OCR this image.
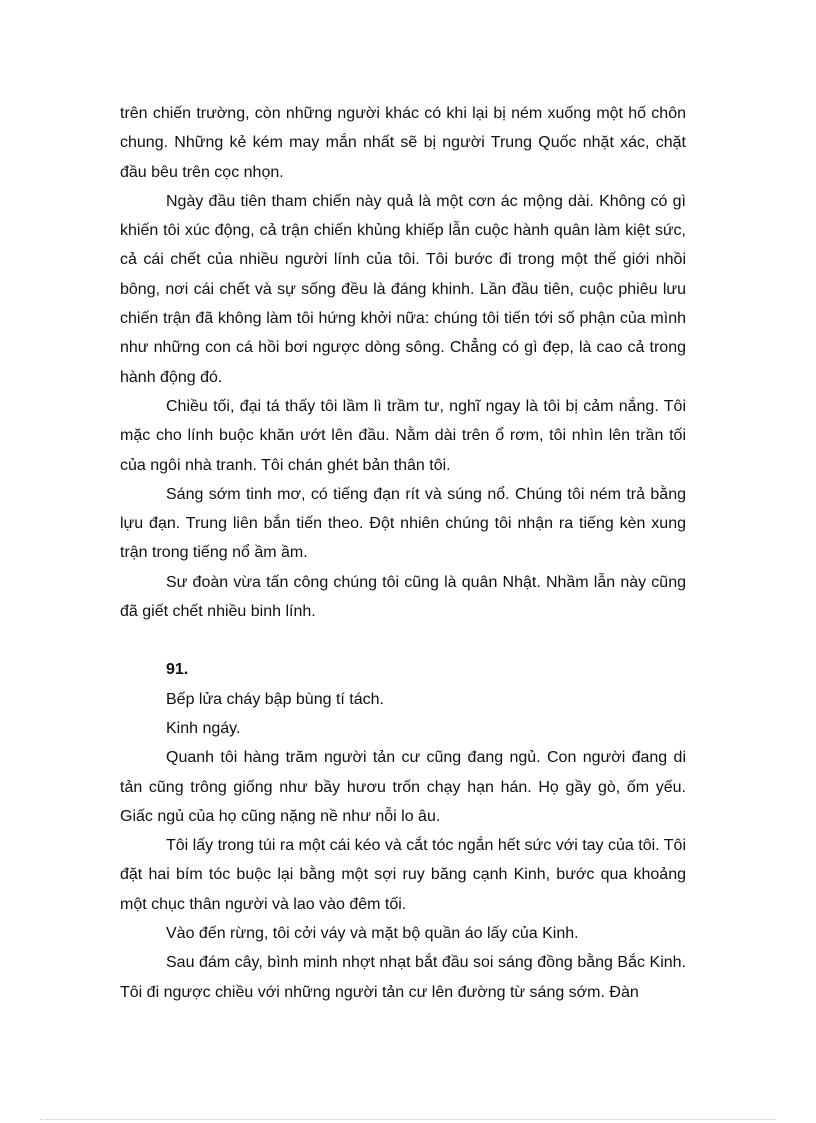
trên chiến trường, còn những người khác có khi lại bị ném xuống một hố chôn chung. Những kẻ kém may mắn nhất sẽ bị người Trung Quốc nhặt xác, chặt đầu bêu trên cọc nhọn.

Ngày đầu tiên tham chiến này quả là một cơn ác mộng dài. Không có gì khiến tôi xúc động, cả trận chiến khủng khiếp lẫn cuộc hành quân làm kiệt sức, cả cái chết của nhiều người lính của tôi. Tôi bước đi trong một thế giới nhồi bông, nơi cái chết và sự sống đều là đáng khinh. Lần đầu tiên, cuộc phiêu lưu chiến trận đã không làm tôi hứng khởi nữa: chúng tôi tiến tới số phận của mình như những con cá hồi bơi ngược dòng sông. Chẳng có gì đẹp, là cao cả trong hành động đó.

Chiều tối, đại tá thấy tôi lầm lì trầm tư, nghĩ ngay là tôi bị cảm nắng. Tôi mặc cho lính buộc khăn ướt lên đầu. Nằm dài trên ổ rơm, tôi nhìn lên trần tối của ngôi nhà tranh. Tôi chán ghét bản thân tôi.

Sáng sớm tinh mơ, có tiếng đạn rít và súng nổ. Chúng tôi ném trả bằng lựu đạn. Trung liên bắn tiến theo. Đột nhiên chúng tôi nhận ra tiếng kèn xung trận trong tiếng nổ ầm ầm.

Sư đoàn vừa tấn công chúng tôi cũng là quân Nhật. Nhầm lẫn này cũng đã giết chết nhiều binh lính.

91.

Bếp lửa cháy bập bùng tí tách.

Kinh ngáy.

Quanh tôi hàng trăm người tản cư cũng đang ngủ. Con người đang di tản cũng trông giống như bầy hươu trốn chạy hạn hán. Họ gầy gò, ốm yếu. Giấc ngủ của họ cũng nặng nề như nỗi lo âu.

Tôi lấy trong túi ra một cái kéo và cắt tóc ngắn hết sức với tay của tôi. Tôi đặt hai bím tóc buộc lại bằng một sợi ruy băng cạnh Kinh, bước qua khoảng một chục thân người và lao vào đêm tối.

Vào đến rừng, tôi cởi váy và mặt bộ quần áo lấy của Kinh.

Sau đám cây, bình minh nhợt nhạt bắt đầu soi sáng đồng bằng Bắc Kinh. Tôi đi ngược chiều với những người tản cư lên đường từ sáng sớm. Đàn
